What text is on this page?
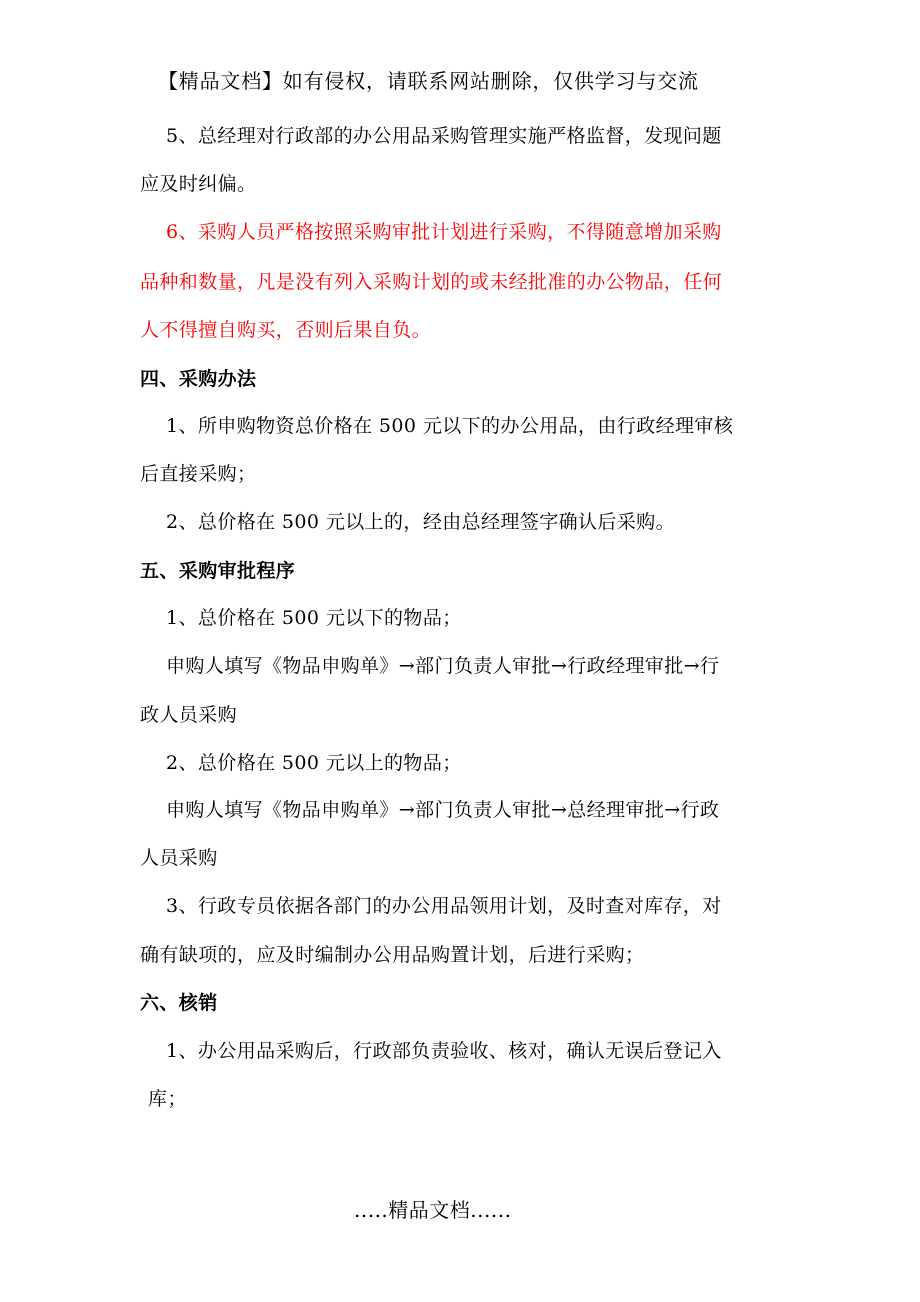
【精品文档】如有侵权，请联系网站删除，仅供学习与交流
5、总经理对行政部的办公用品采购管理实施严格监督，发现问题
应及时纠偏。
6、采购人员严格按照采购审批计划进行采购，不得随意增加采购
品种和数量，凡是没有列入采购计划的或未经批准的办公物品，任何
人不得擅自购买，否则后果自负。
四、采购办法
1、所申购物资总价格在 500 元以下的办公用品，由行政经理审核
后直接采购；
2、总价格在 500 元以上的，经由总经理签字确认后采购。
五、采购审批程序
1、总价格在 500 元以下的物品；
申购人填写《物品申购单》→部门负责人审批→行政经理审批→行
政人员采购
2、总价格在 500 元以上的物品；
申购人填写《物品申购单》→部门负责人审批→总经理审批→行政
人员采购
3、行政专员依据各部门的办公用品领用计划，及时查对库存，对
确有缺项的，应及时编制办公用品购置计划，后进行采购；
六、核销
1、办公用品采购后，行政部负责验收、核对，确认无误后登记入
库；
.....精品文档......
